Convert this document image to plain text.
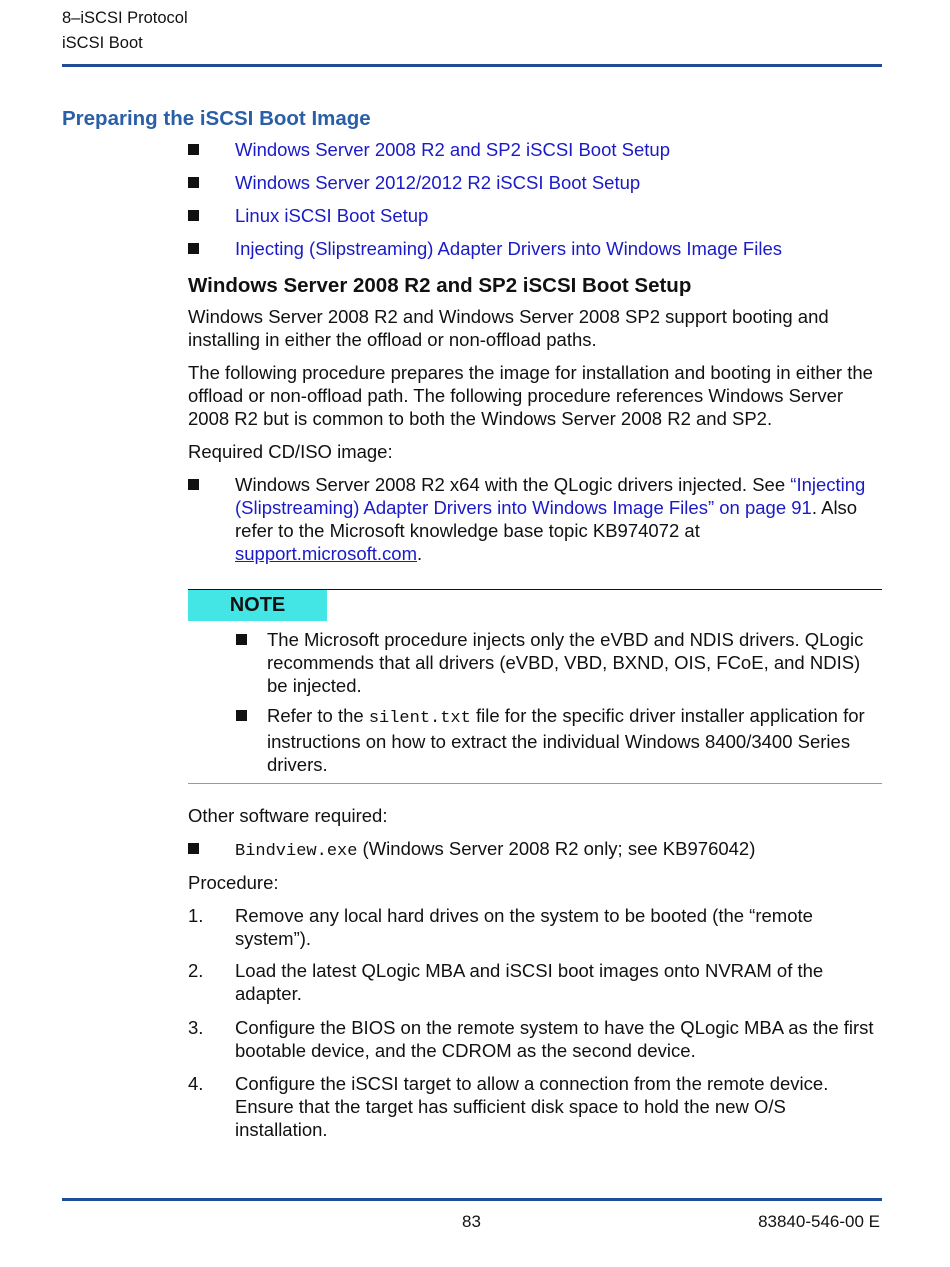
8–iSCSI Protocol
iSCSI Boot
Preparing the iSCSI Boot Image
Windows Server 2008 R2 and SP2 iSCSI Boot Setup
Windows Server 2012/2012 R2 iSCSI Boot Setup
Linux iSCSI Boot Setup
Injecting (Slipstreaming) Adapter Drivers into Windows Image Files
Windows Server 2008 R2 and SP2 iSCSI Boot Setup
Windows Server 2008 R2 and Windows Server 2008 SP2 support booting and installing in either the offload or non-offload paths.
The following procedure prepares the image for installation and booting in either the offload or non-offload path. The following procedure references Windows Server 2008 R2 but is common to both the Windows Server 2008 R2 and SP2.
Required CD/ISO image:
Windows Server 2008 R2 x64 with the QLogic drivers injected. See “Injecting (Slipstreaming) Adapter Drivers into Windows Image Files” on page 91. Also refer to the Microsoft knowledge base topic KB974072 at support.microsoft.com.
NOTE
The Microsoft procedure injects only the eVBD and NDIS drivers. QLogic recommends that all drivers (eVBD, VBD, BXND, OIS, FCoE, and NDIS) be injected.
Refer to the silent.txt file for the specific driver installer application for instructions on how to extract the individual Windows 8400/3400 Series drivers.
Other software required:
Bindview.exe (Windows Server 2008 R2 only; see KB976042)
Procedure:
1. Remove any local hard drives on the system to be booted (the “remote system”).
2. Load the latest QLogic MBA and iSCSI boot images onto NVRAM of the adapter.
3. Configure the BIOS on the remote system to have the QLogic MBA as the first bootable device, and the CDROM as the second device.
4. Configure the iSCSI target to allow a connection from the remote device. Ensure that the target has sufficient disk space to hold the new O/S installation.
83	83840-546-00 E
